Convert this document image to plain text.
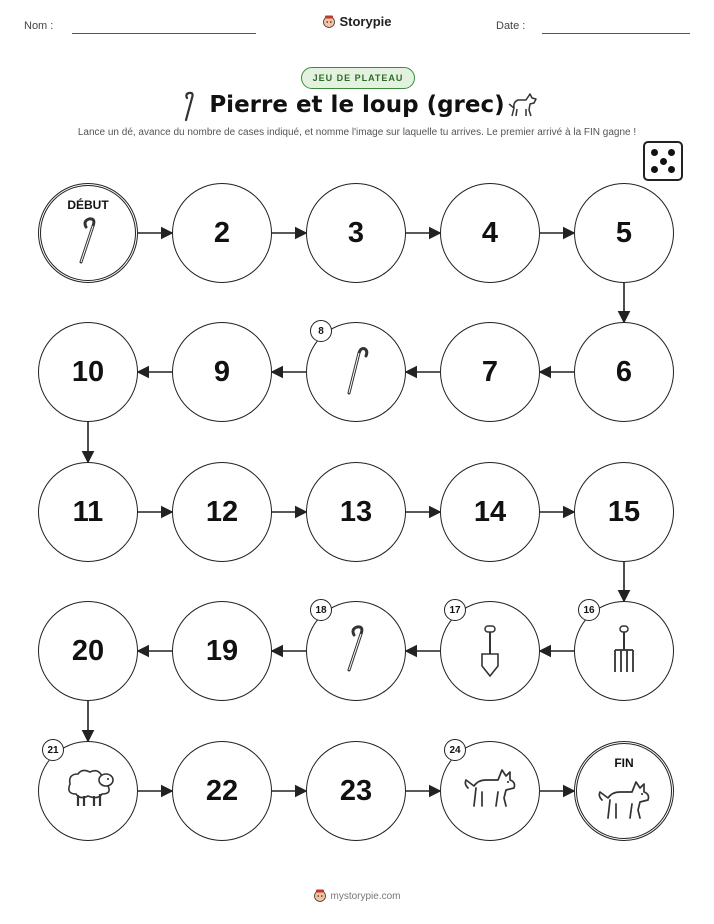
Nom :	Storypie	Date :
JEU DE PLATEAU
Pierre et le loup (grec)
Lance un dé, avance du nombre de cases indiqué, et nomme l'image sur laquelle tu arrives. Le premier arrivé à la FIN gagne !
DÉBUT
2	3	4	5
6
7
8
9
10
11	12	13	14	15
16
17
18
19
20
21
22	23
24
FIN
mystorypie.com
